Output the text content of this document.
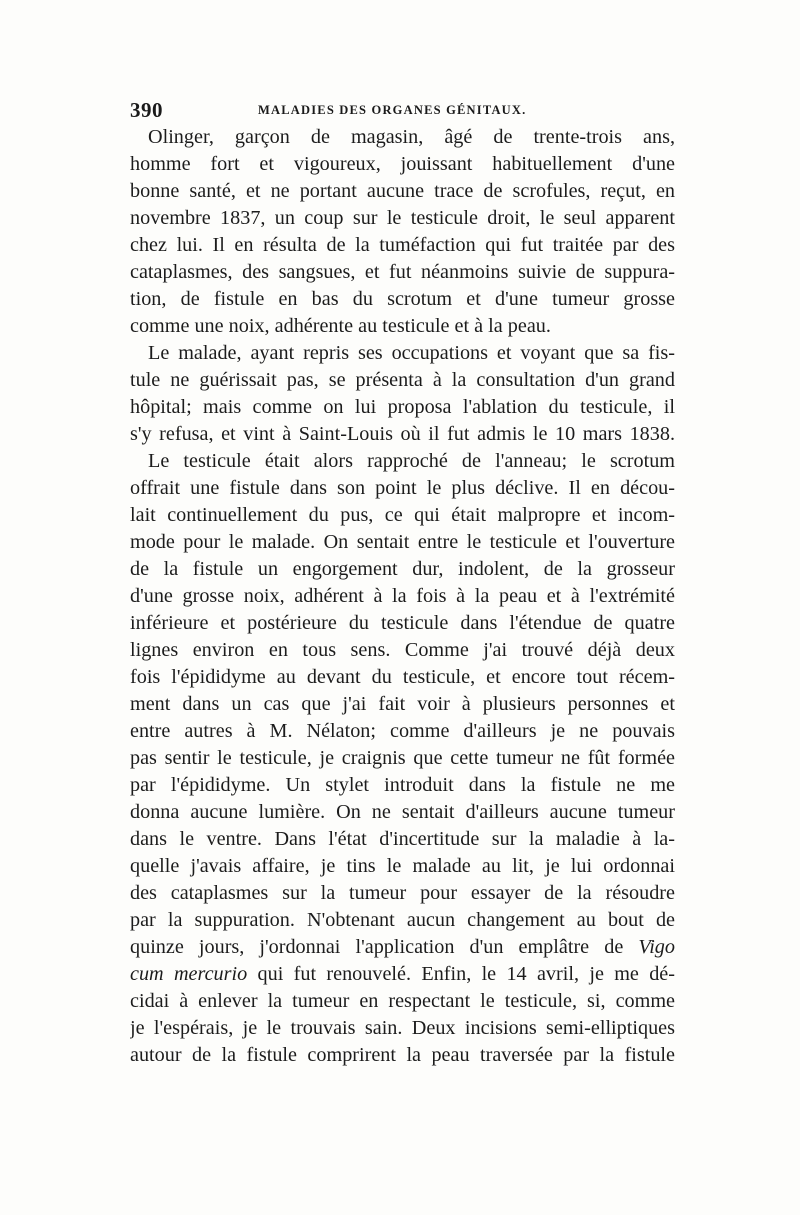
390	MALADIES DES ORGANES GÉNITAUX.
Olinger, garçon de magasin, âgé de trente-trois ans,
homme fort et vigoureux, jouissant habituellement d'une
bonne santé, et ne portant aucune trace de scrofules, reçut, en
novembre 1837, un coup sur le testicule droit, le seul apparent
chez lui. Il en résulta de la tuméfaction qui fut traitée par des
cataplasmes, des sangsues, et fut néanmoins suivie de suppura-
tion, de fistule en bas du scrotum et d'une tumeur grosse
comme une noix, adhérente au testicule et à la peau.
Le malade, ayant repris ses occupations et voyant que sa fis-
tule ne guérissait pas, se présenta à la consultation d'un grand
hôpital; mais comme on lui proposa l'ablation du testicule, il
s'y refusa, et vint à Saint-Louis où il fut admis le 10 mars 1838.
Le testicule était alors rapproché de l'anneau; le scrotum
offrait une fistule dans son point le plus déclive. Il en décou-
lait continuellement du pus, ce qui était malpropre et incom-
mode pour le malade. On sentait entre le testicule et l'ouverture
de la fistule un engorgement dur, indolent, de la grosseur
d'une grosse noix, adhérent à la fois à la peau et à l'extrémité
inférieure et postérieure du testicule dans l'étendue de quatre
lignes environ en tous sens. Comme j'ai trouvé déjà deux
fois l'épididyme au devant du testicule, et encore tout récem-
ment dans un cas que j'ai fait voir à plusieurs personnes et
entre autres à M. Nélaton; comme d'ailleurs je ne pouvais
pas sentir le testicule, je craignis que cette tumeur ne fût formée
par l'épididyme. Un stylet introduit dans la fistule ne me
donna aucune lumière. On ne sentait d'ailleurs aucune tumeur
dans le ventre. Dans l'état d'incertitude sur la maladie à la-
quelle j'avais affaire, je tins le malade au lit, je lui ordonnai
des cataplasmes sur la tumeur pour essayer de la résoudre
par la suppuration. N'obtenant aucun changement au bout de
quinze jours, j'ordonnai l'application d'un emplâtre de Vigo
cum mercurio qui fut renouvelé. Enfin, le 14 avril, je me dé-
cidai à enlever la tumeur en respectant le testicule, si, comme
je l'espérais, je le trouvais sain. Deux incisions semi-elliptiques
autour de la fistule comprirent la peau traversée par la fistule
